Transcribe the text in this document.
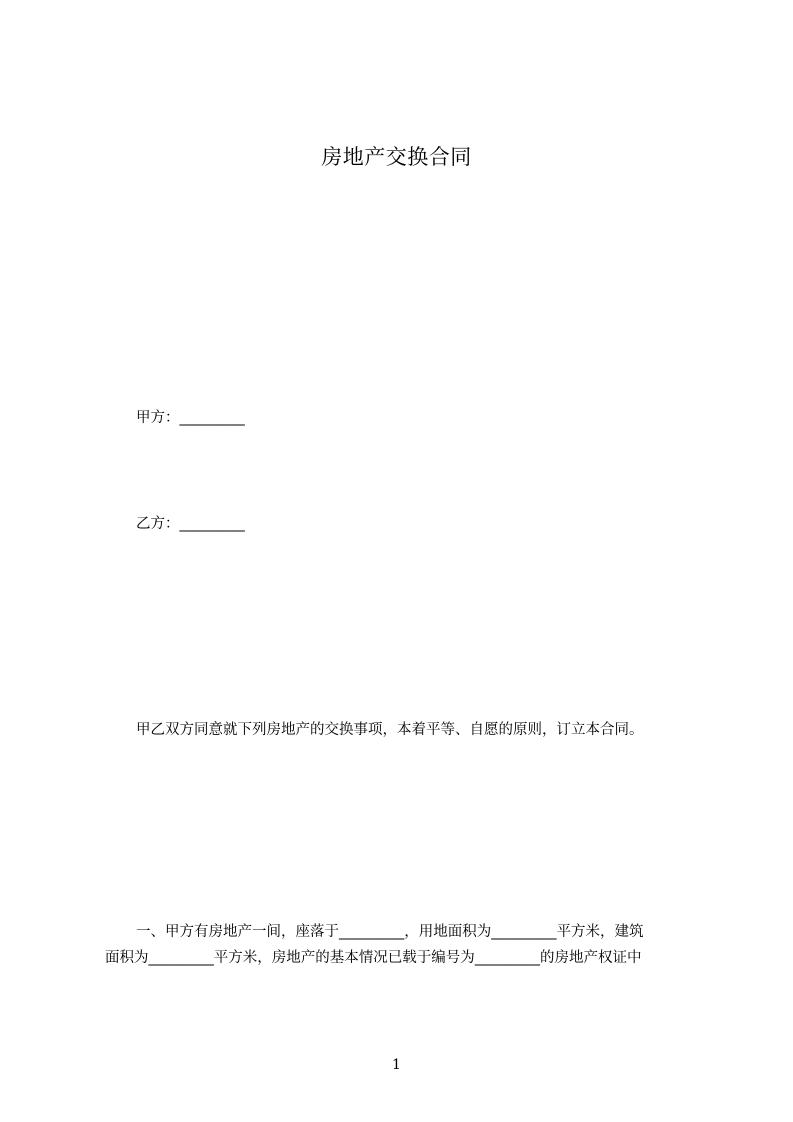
房地产交换合同
甲方：_________
乙方：_________
甲乙双方同意就下列房地产的交换事项，本着平等、自愿的原则，订立本合同。
一、甲方有房地产一间，座落于_________，用地面积为_________平方米，建筑
面积为_________平方米，房地产的基本情况已载于编号为_________的房地产权证中
1
